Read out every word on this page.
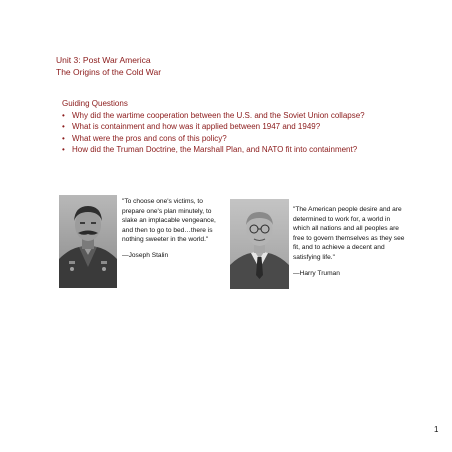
Unit 3: Post War America
The Origins of the Cold War
Guiding Questions
• Why did the wartime cooperation between the U.S. and the Soviet Union collapse?
• What is containment and how was it applied between 1947 and 1949?
• What were the pros and cons of this policy?
• How did the Truman Doctrine, the Marshall Plan, and NATO fit into containment?
"To choose one's victims, to prepare one's plan minutely, to slake an implacable vengeance, and then to go to bed…there is nothing sweeter in the world."
—Joseph Stalin
"The American people desire and are determined to work for, a world in which all nations and all peoples are free to govern themselves as they see fit, and to achieve a decent and satisfying life."
—Harry Truman
1
